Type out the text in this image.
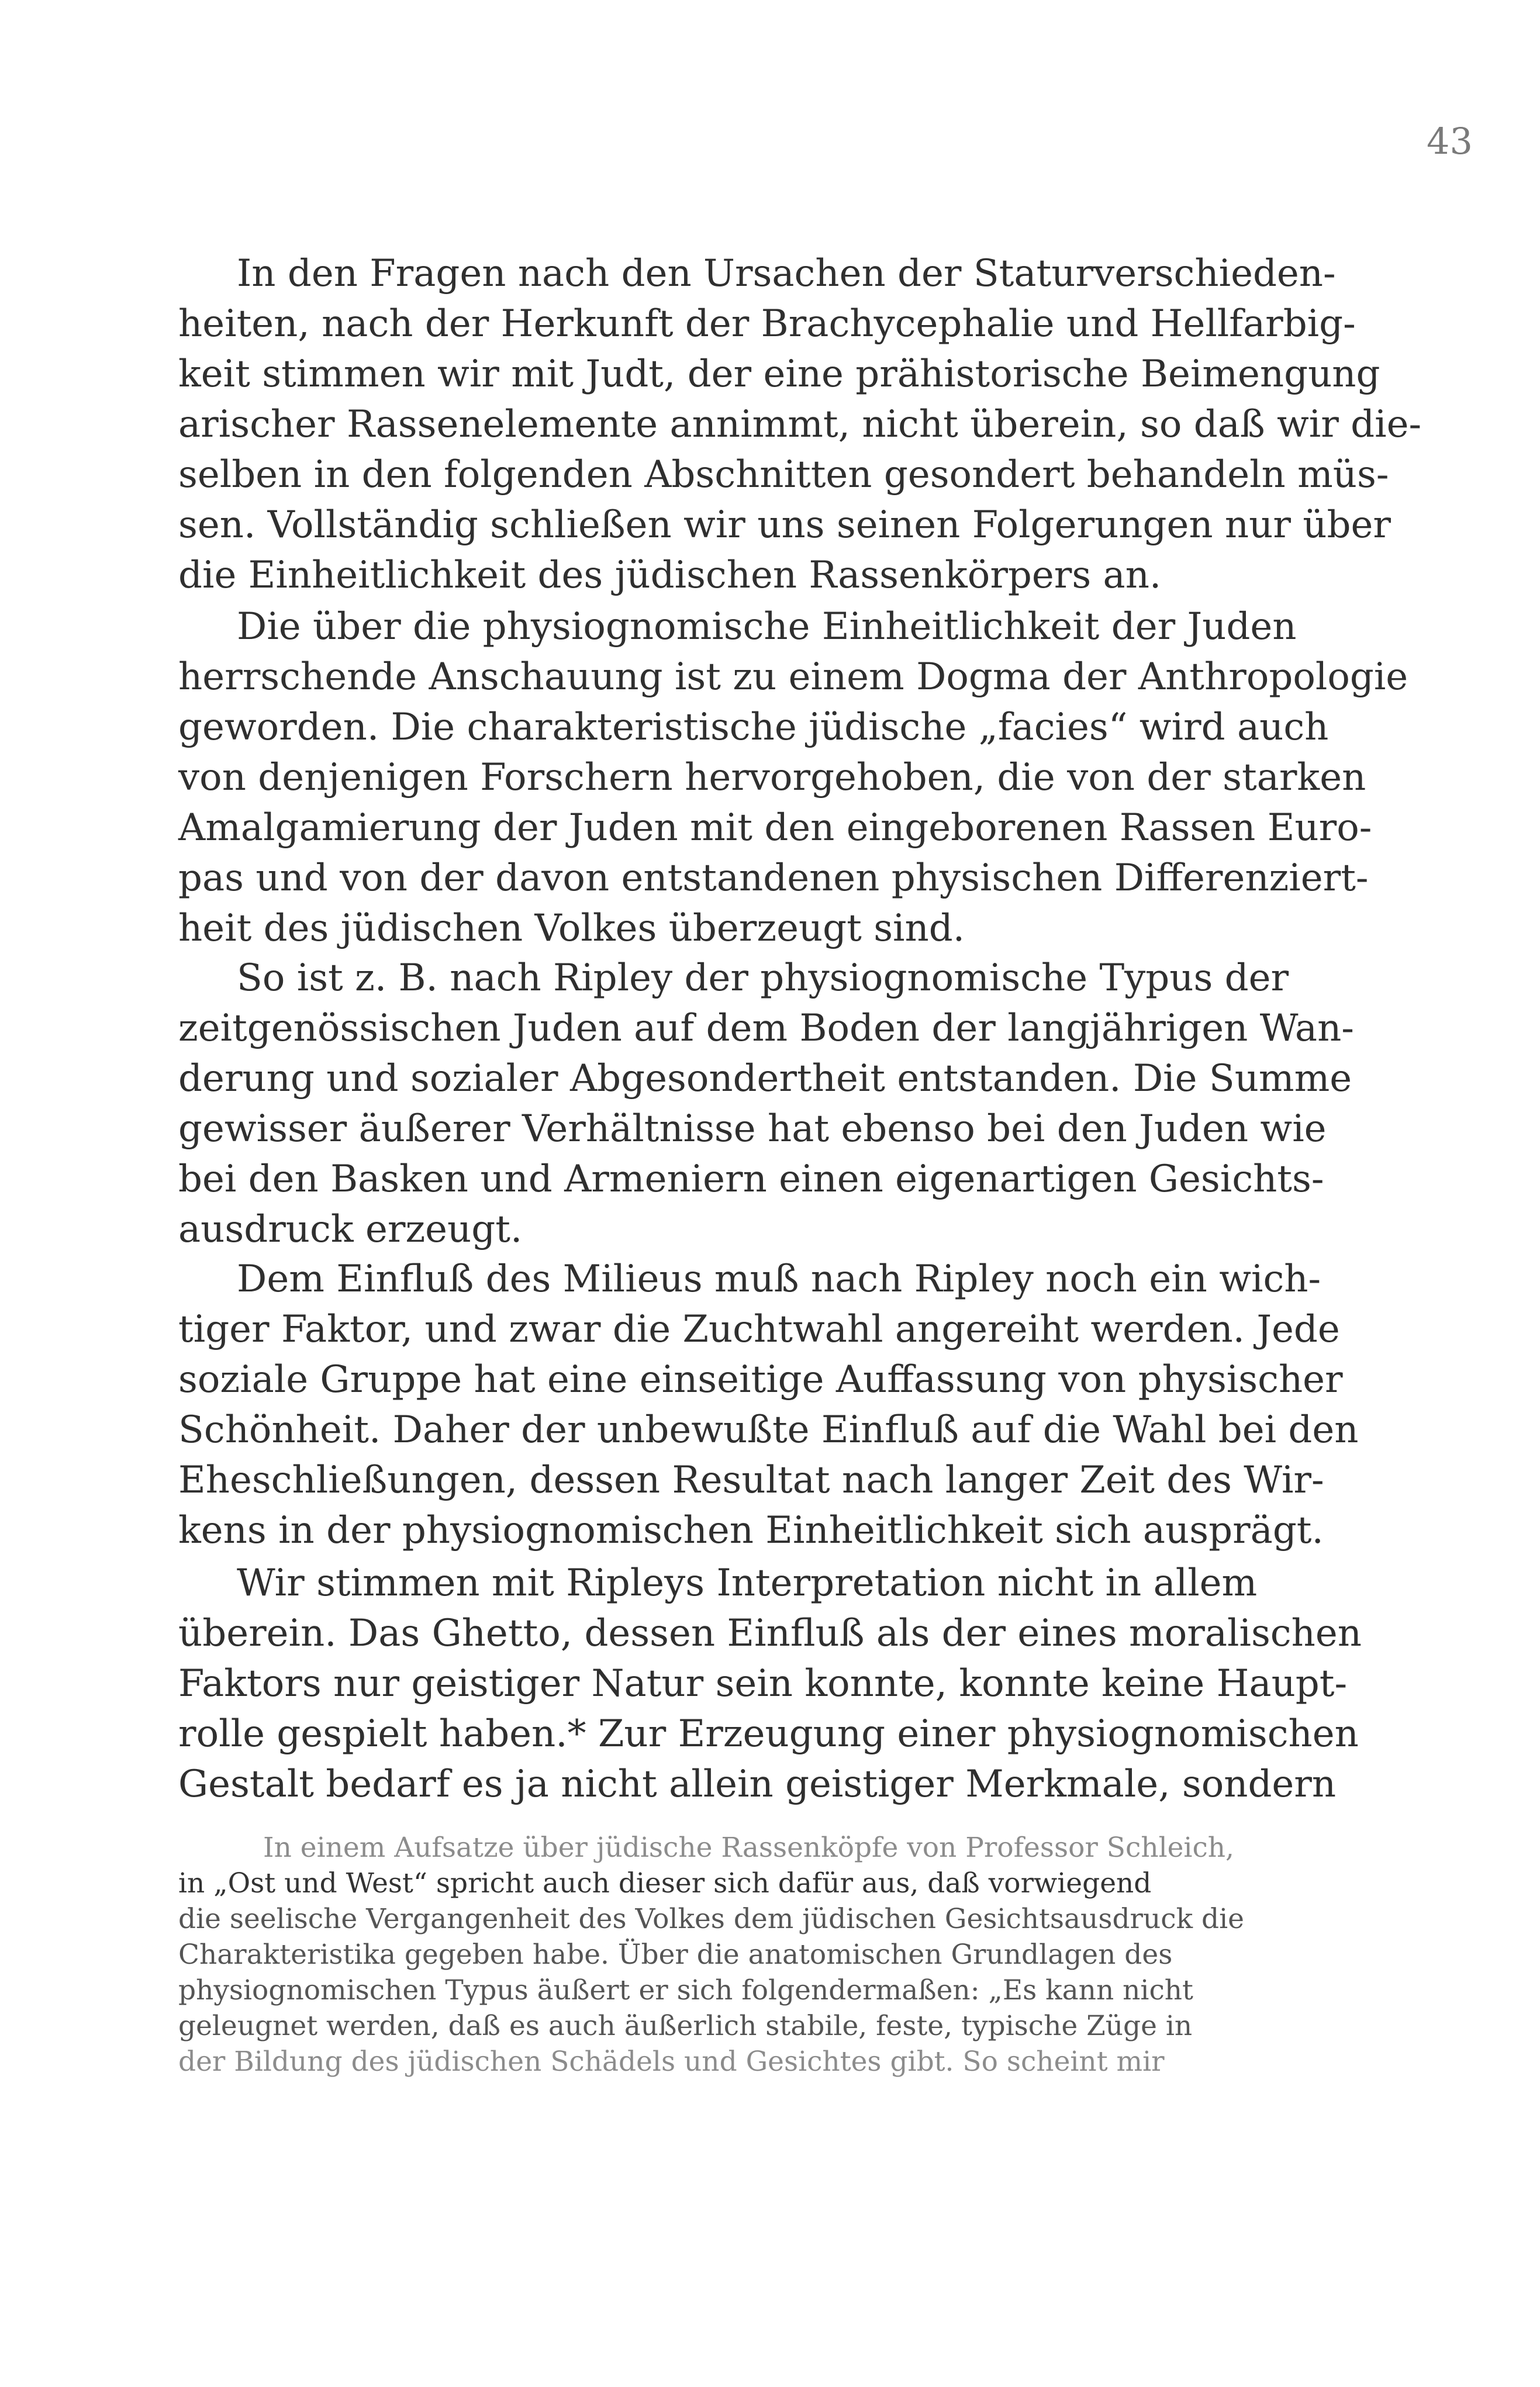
43
In den Fragen nach den Ursachen der Staturverschieden-
heiten, nach der Herkunft der Brachycephalie und Hellfarbig-
keit stimmen wir mit Judt, der eine prähistorische Beimengung
arischer Rassenelemente annimmt, nicht überein, so daß wir die-
selben in den folgenden Abschnitten gesondert behandeln müs-
sen. Vollständig schließen wir uns seinen Folgerungen nur über
die Einheitlichkeit des jüdischen Rassenkörpers an.
Die über die physiognomische Einheitlichkeit der Juden
herrschende Anschauung ist zu einem Dogma der Anthropologie
geworden. Die charakteristische jüdische „facies“ wird auch
von denjenigen Forschern hervorgehoben, die von der starken
Amalgamierung der Juden mit den eingeborenen Rassen Euro-
pas und von der davon entstandenen physischen Differenziert-
heit des jüdischen Volkes überzeugt sind.
So ist z. B. nach Ripley der physiognomische Typus der
zeitgenössischen Juden auf dem Boden der langjährigen Wan-
derung und sozialer Abgesondertheit entstanden. Die Summe
gewisser äußerer Verhältnisse hat ebenso bei den Juden wie
bei den Basken und Armeniern einen eigenartigen Gesichts-
ausdruck erzeugt.
Dem Einfluß des Milieus muß nach Ripley noch ein wich-
tiger Faktor, und zwar die Zuchtwahl angereiht werden. Jede
soziale Gruppe hat eine einseitige Auffassung von physischer
Schönheit. Daher der unbewußte Einfluß auf die Wahl bei den
Eheschließungen, dessen Resultat nach langer Zeit des Wir-
kens in der physiognomischen Einheitlichkeit sich ausprägt.
Wir stimmen mit Ripleys Interpretation nicht in allem
überein. Das Ghetto, dessen Einfluß als der eines moralischen
Faktors nur geistiger Natur sein konnte, konnte keine Haupt-
rolle gespielt haben.* Zur Erzeugung einer physiognomischen
Gestalt bedarf es ja nicht allein geistiger Merkmale, sondern
In einem Aufsatze über jüdische Rassenköpfe von Professor Schleich,
in „Ost und West“ spricht auch dieser sich dafür aus, daß vorwiegend
die seelische Vergangenheit des Volkes dem jüdischen Gesichtsausdruck die
Charakteristika gegeben habe. Über die anatomischen Grundlagen des
physiognomischen Typus äußert er sich folgendermaßen: „Es kann nicht
geleugnet werden, daß es auch äußerlich stabile, feste, typische Züge in
der Bildung des jüdischen Schädels und Gesichtes gibt. So scheint mir
